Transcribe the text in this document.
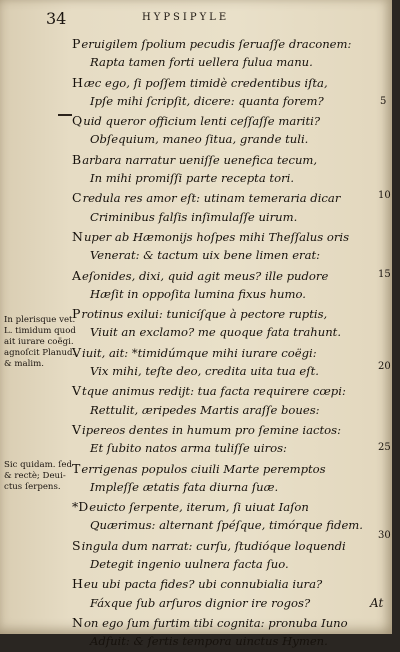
34	HYPSIPYLE
Peruigilem ſpolium pecudis ſeruaſſe draconem:
Rapta tamen forti uellera fulua manu.
Hæc ego, ſi poſſem timidè credentibus iſta,
Ipſe mihi ſcripſit, dicere: quanta forem?
Quid queror officium lenti ceſſaſſe mariti?
Obſequium, maneo ſitua, grande tuli.
Barbara narratur ueniſſe uenefica tecum,
In mihi promiſſi parte recepta tori.
Credula res amor eſt: utinam temeraria dicar
Criminibus falſis inſimulaſſe uirum.
Nuper ab Hæmonijs hoſpes mihi Theſſalus oris
Venerat: & tactum uix bene limen erat:
Aeſonides, dixi, quid agit meus? ille pudore
Hæſit in oppoſita lumina fixus humo.
Protinus exilui: tunicíſque à pectore ruptis,
Viuit an exclamo? me quoque fata trahunt.
Viuit, ait: *timidúmque mihi iurare coëgi:
Vix mihi, teſte deo, credita uita tua eſt.
Vtque animus redijt: tua facta requirere cœpi:
Rettulit, æripedes Martis araſſe boues:
Vipereos dentes in humum pro ſemine iactos:
Et ſubito natos arma tuliſſe uiros:
Terrigenas populos ciuili Marte peremptos
Impleſſe ætatis fata diurna ſuæ.
*Deuicto ſerpente, iterum, ſi uiuat Iaſon
Quærimus: alternant ſpéſque, timórque fidem.
Singula dum narrat: curſu, ſtudióque loquendi
Detegit ingenio uulnera facta ſuo.
Heu ubi pacta fides? ubi connubialia iura?
Fáxque ſub arſuros dignior ire rogos?
Non ego ſum furtim tibi cognita: pronuba Iuno
Adfuit: & ſertis tempora uinctus Hymen.
5
10
15
20
25
30
In plerisque vet.
L. timidum quod
ait iurare coëgi.
agnoſcit Planud.
& malim.
Sic quidam. ſed
& rectè; Deui-
ctus ſerpens.
At
